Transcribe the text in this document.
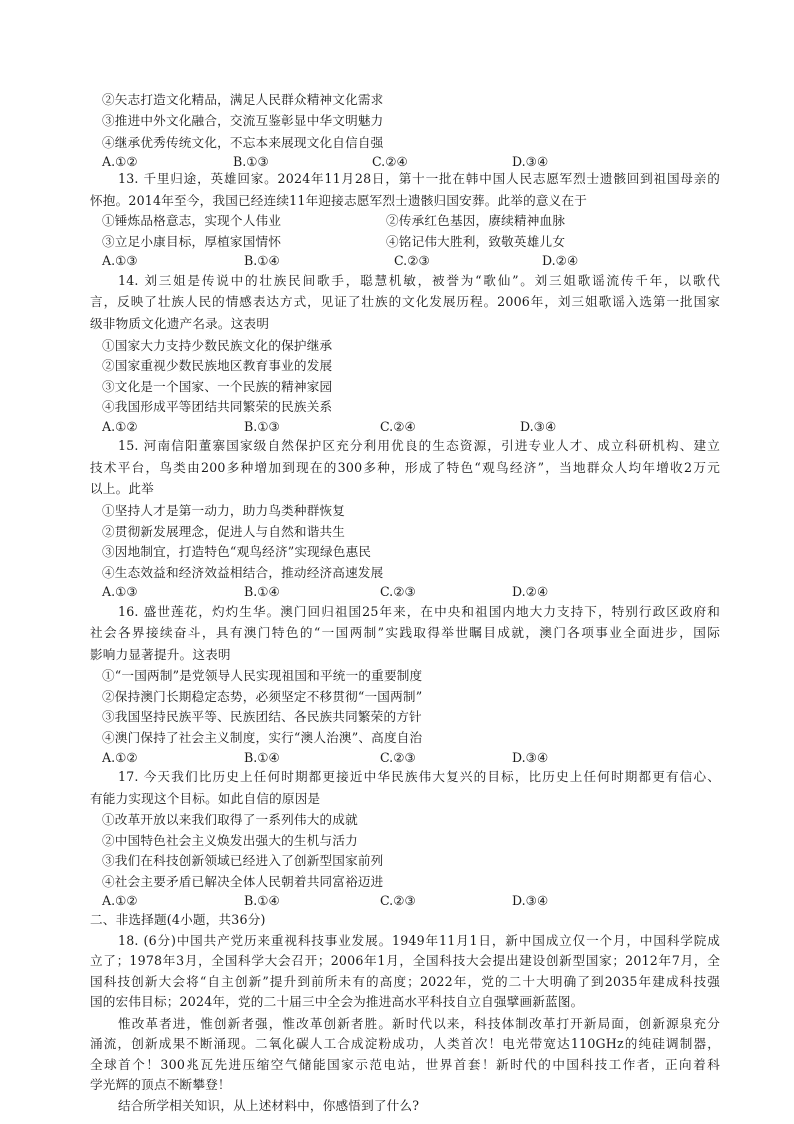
②矢志打造文化精品，满足人民群众精神文化需求
③推进中外文化融合，交流互鉴彰显中华文明魅力
④继承优秀传统文化，不忘本来展现文化自信自强
A.①②	B.①③	C.②④	D.③④
13. 千里归途，英雄回家。2024年11月28日，第十一批在韩中国人民志愿军烈士遗骸回到祖国母亲的
怀抱。2014年至今，我国已经连续11年迎接志愿军烈士遗骸归国安葬。此举的意义在于
①锤炼品格意志，实现个人伟业	②传承红色基因，赓续精神血脉
③立足小康目标，厚植家国情怀	④铭记伟大胜利，致敬英雄儿女
A.①③	B.①④	C.②③	D.②④
14. 刘三姐是传说中的壮族民间歌手，聪慧机敏，被誉为“歌仙”。刘三姐歌谣流传千年，以歌代
言，反映了壮族人民的情感表达方式，见证了壮族的文化发展历程。2006年，刘三姐歌谣入选第一批国家
级非物质文化遗产名录。这表明
①国家大力支持少数民族文化的保护继承
②国家重视少数民族地区教育事业的发展
③文化是一个国家、一个民族的精神家园
④我国形成平等团结共同繁荣的民族关系
A.①②	B.①③	C.②④	D.③④
15. 河南信阳董寨国家级自然保护区充分利用优良的生态资源，引进专业人才、成立科研机构、建立
技术平台，鸟类由200多种增加到现在的300多种，形成了特色“观鸟经济”，当地群众人均年增收2万元
以上。此举
①坚持人才是第一动力，助力鸟类种群恢复
②贯彻新发展理念，促进人与自然和谐共生
③因地制宜，打造特色“观鸟经济”实现绿色惠民
④生态效益和经济效益相结合，推动经济高速发展
A.①③	B.①④	C.②③	D.②④
16. 盛世莲花，灼灼生华。澳门回归祖国25年来，在中央和祖国内地大力支持下，特别行政区政府和
社会各界接续奋斗，具有澳门特色的“一国两制”实践取得举世瞩目成就，澳门各项事业全面进步，国际
影响力显著提升。这表明
①“一国两制”是党领导人民实现祖国和平统一的重要制度
②保持澳门长期稳定态势，必须坚定不移贯彻“一国两制”
③我国坚持民族平等、民族团结、各民族共同繁荣的方针
④澳门保持了社会主义制度，实行“澳人治澳”、高度自治
A.①②	B.①④	C.②③	D.③④
17. 今天我们比历史上任何时期都更接近中华民族伟大复兴的目标，比历史上任何时期都更有信心、
有能力实现这个目标。如此自信的原因是
①改革开放以来我们取得了一系列伟大的成就
②中国特色社会主义焕发出强大的生机与活力
③我们在科技创新领域已经进入了创新型国家前列
④社会主要矛盾已解决全体人民朝着共同富裕迈进
A.①②	B.①④	C.②③	D.③④
二、非选择题(4小题，共36分)
18. (6分)中国共产党历来重视科技事业发展。1949年11月1日，新中国成立仅一个月，中国科学院成
立了；1978年3月，全国科学大会召开；2006年1月，全国科技大会提出建设创新型国家；2012年7月，全
国科技创新大会将“自主创新”提升到前所未有的高度；2022年，党的二十大明确了到2035年建成科技强
国的宏伟目标；2024年，党的二十届三中全会为推进高水平科技自立自强擘画新蓝图。
惟改革者进，惟创新者强，惟改革创新者胜。新时代以来，科技体制改革打开新局面，创新源泉充分
涌流，创新成果不断涌现。二氧化碳人工合成淀粉成功，人类首次！电光带宽达110GHz的纯硅调制器，
全球首个！300兆瓦先进压缩空气储能国家示范电站，世界首套！新时代的中国科技工作者，正向着科
学光辉的顶点不断攀登！
结合所学相关知识，从上述材料中，你感悟到了什么?
